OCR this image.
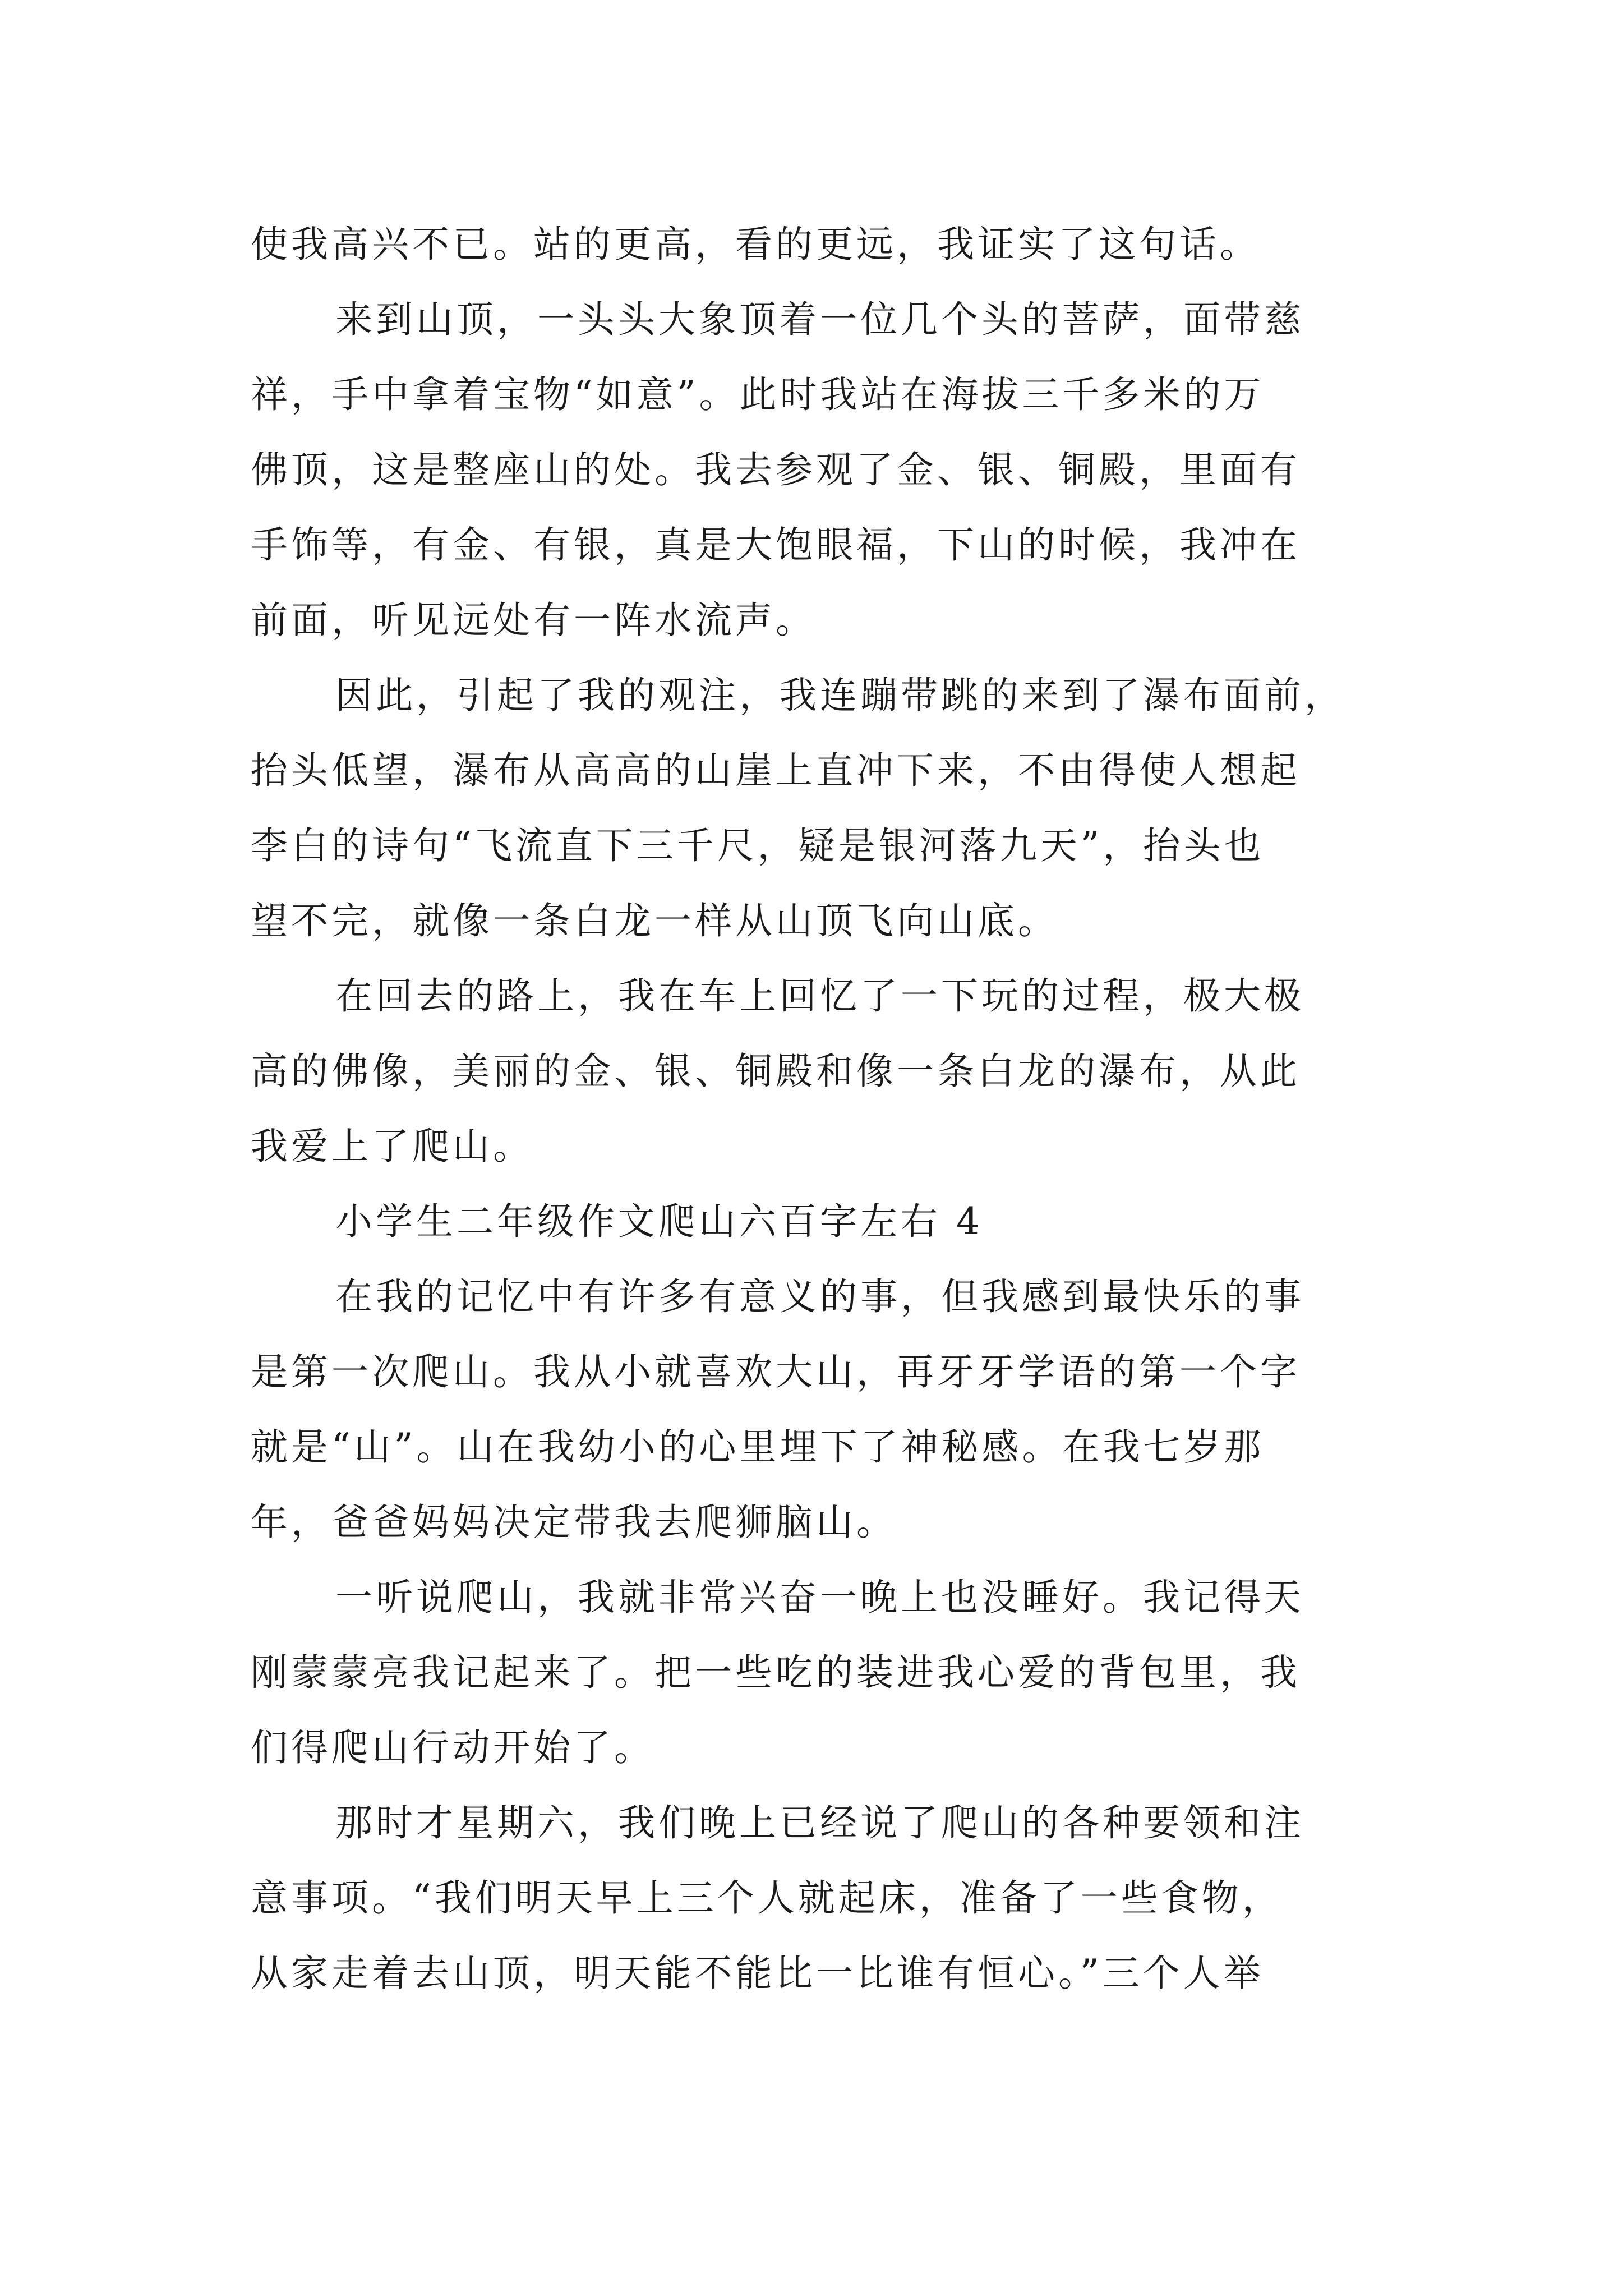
使我高兴不已。站的更高，看的更远，我证实了这句话。
来到山顶，一头头大象顶着一位几个头的菩萨，面带慈
祥，手中拿着宝物“如意”。此时我站在海拔三千多米的万
佛顶，这是整座山的处。我去参观了金、银、铜殿，里面有
手饰等，有金、有银，真是大饱眼福，下山的时候，我冲在
前面，听见远处有一阵水流声。
因此，引起了我的观注，我连蹦带跳的来到了瀑布面前，
抬头低望，瀑布从高高的山崖上直冲下来，不由得使人想起
李白的诗句“飞流直下三千尺，疑是银河落九天”，抬头也
望不完，就像一条白龙一样从山顶飞向山底。
在回去的路上，我在车上回忆了一下玩的过程，极大极
高的佛像，美丽的金、银、铜殿和像一条白龙的瀑布，从此
我爱上了爬山。
小学生二年级作文爬山六百字左右 4
在我的记忆中有许多有意义的事，但我感到最快乐的事
是第一次爬山。我从小就喜欢大山，再牙牙学语的第一个字
就是“山”。山在我幼小的心里埋下了神秘感。在我七岁那
年，爸爸妈妈决定带我去爬狮脑山。
一听说爬山，我就非常兴奋一晚上也没睡好。我记得天
刚蒙蒙亮我记起来了。把一些吃的装进我心爱的背包里，我
们得爬山行动开始了。
那时才星期六，我们晚上已经说了爬山的各种要领和注
意事项。“我们明天早上三个人就起床，准备了一些食物，
从家走着去山顶，明天能不能比一比谁有恒心。”三个人举
